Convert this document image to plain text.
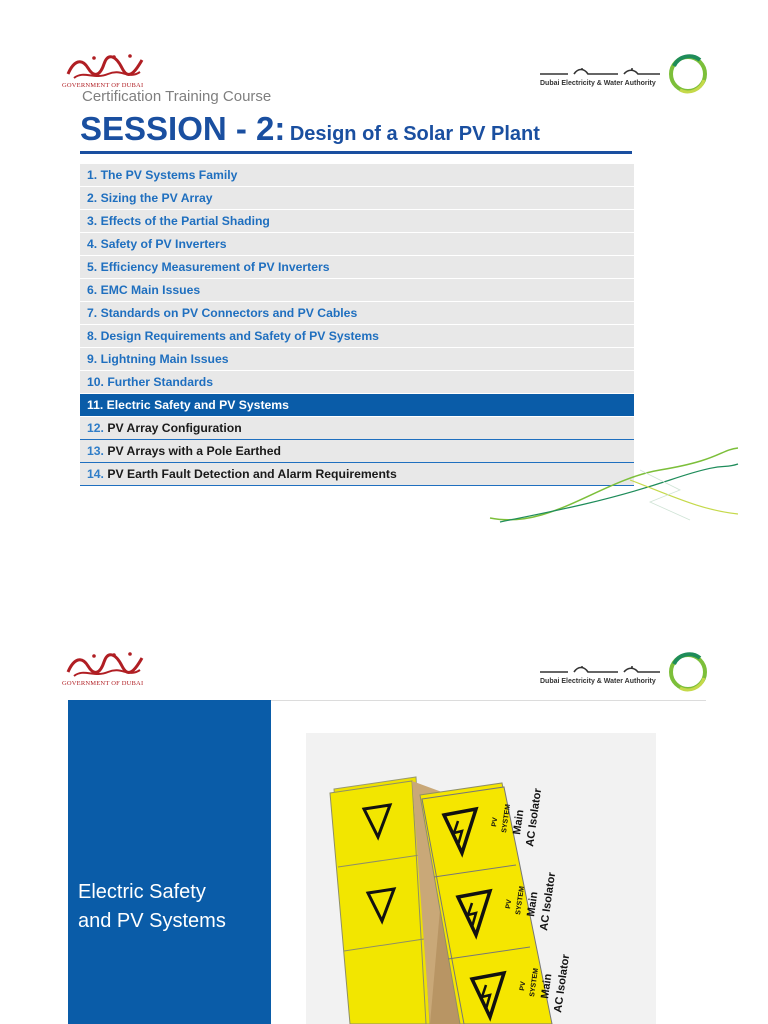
GOVERNMENT OF DUBAI	Dubai Electricity & Water Authority
Certification Training Course
SESSION - 2: Design of a Solar PV Plant
1. The PV Systems Family
2. Sizing the PV Array
3. Effects of the Partial Shading
4. Safety of PV Inverters
5. Efficiency Measurement of PV Inverters
6. EMC Main Issues
7. Standards on PV Connectors and PV Cables
8. Design Requirements and Safety of PV Systems
9. Lightning Main Issues
10. Further Standards
11. Electric Safety and PV Systems
12. PV Array Configuration
13. PV Arrays with a Pole Earthed
14. PV Earth Fault Detection and Alarm Requirements
GOVERNMENT OF DUBAI	Dubai Electricity & Water Authority
Electric Safety
and PV Systems
PV SYSTEM Main
AC Isolator
PV SYSTEM Main
AC Isolator
PV SYSTEM Main
AC Isolator
